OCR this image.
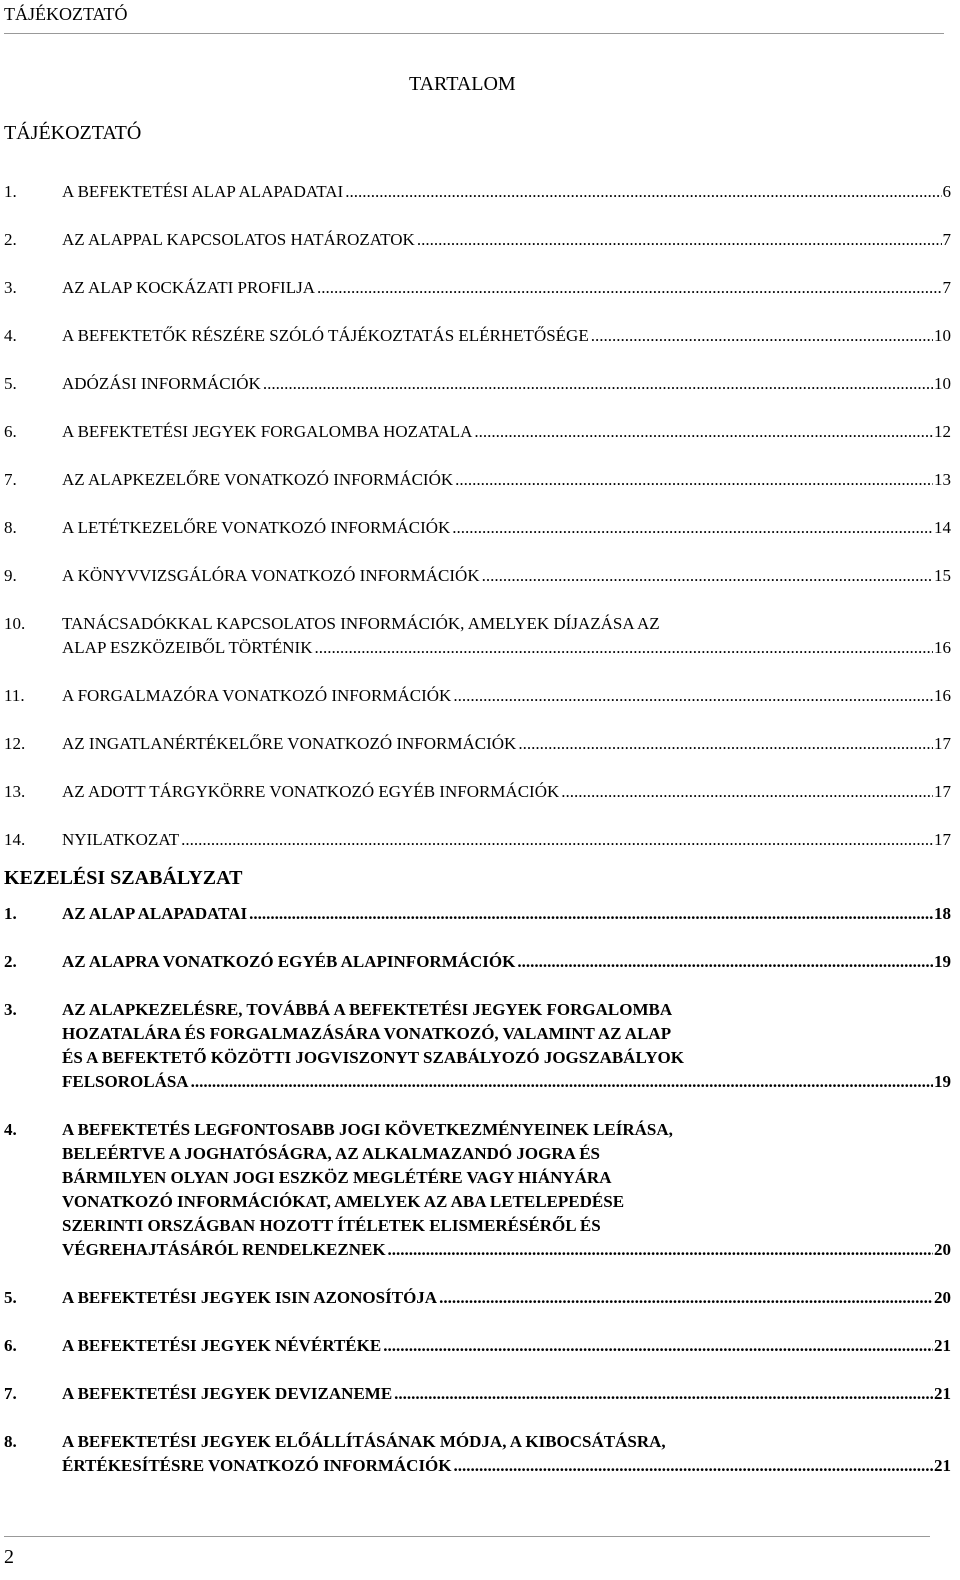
TÁJÉKOZTATÓ
TARTALOM
TÁJÉKOZTATÓ
KEZELÉSI SZABÁLYZAT
1.	A BEFEKTETÉSI ALAP ALAPADATAI .....	6
2.	AZ ALAPPAL KAPCSOLATOS HATÁROZATOK .....	7
3.	AZ ALAP KOCKÁZATI PROFILJA .....	7
4.	A BEFEKTETŐK RÉSZÉRE SZÓLÓ TÁJÉKOZTATÁS ELÉRHETŐSÉGE .....	10
5.	ADÓZÁSI INFORMÁCIÓK .....	10
6.	A BEFEKTETÉSI JEGYEK FORGALOMBA HOZATALA .....	12
7.	AZ ALAPKEZELŐRE VONATKOZÓ INFORMÁCIÓK .....	13
8.	A LETÉTKEZELŐRE VONATKOZÓ INFORMÁCIÓK .....	14
9.	A KÖNYVVIZSGÁLÓRA VONATKOZÓ INFORMÁCIÓK .....	15
10. TANÁCSADÓKKAL KAPCSOLATOS INFORMÁCIÓK, AMELYEK DÍJAZÁSA AZ
ALAP ESZKÖZEIBŐL TÖRTÉNIK .....	16
11. A FORGALMAZÓRA VONATKOZÓ INFORMÁCIÓK .....	16
12. AZ INGATLANÉRTÉKELŐRE VONATKOZÓ INFORMÁCIÓK .....	17
13. AZ ADOTT TÁRGYKÖRRE VONATKOZÓ EGYÉB INFORMÁCIÓK .....	17
14. NYILATKOZAT .....	17
1.	AZ ALAP ALAPADATAI .....	18
2.	AZ ALAPRA VONATKOZÓ EGYÉB ALAPINFORMÁCIÓK .....	19
3.	AZ ALAPKEZELÉSRE, TOVÁBBÁ A BEFEKTETÉSI JEGYEK FORGALOMBA
HOZATALÁRA ÉS FORGALMAZÁSÁRA VONATKOZÓ, VALAMINT AZ ALAP
ÉS A BEFEKTETŐ KÖZÖTTI JOGVISZONYT SZABÁLYOZÓ JOGSZABÁLYOK
FELSOROLÁSA .....	19
4.	A BEFEKTETÉS LEGFONTOSABB JOGI KÖVETKEZMÉNYEINEK LEÍRÁSA,
BELEÉRTVE A JOGHATÓSÁGRA, AZ ALKALMAZANDÓ JOGRA ÉS
BÁRMILYEN OLYAN JOGI ESZKÖZ MEGLÉTÉRE VAGY HIÁNYÁRA
VONATKOZÓ INFORMÁCIÓKAT, AMELYEK AZ ABA LETELEPEDÉSE
SZERINTI ORSZÁGBAN HOZOTT ÍTÉLETEK ELISMERÉSÉRŐL ÉS
VÉGREHAJTÁSÁRÓL RENDELKEZNEK .....	20
5.	A BEFEKTETÉSI JEGYEK ISIN AZONOSÍTÓJA .....	20
6.	A BEFEKTETÉSI JEGYEK NÉVÉRTÉKE .....	21
7.	A BEFEKTETÉSI JEGYEK DEVIZANEME .....	21
8.	A BEFEKTETÉSI JEGYEK ELŐÁLLÍTÁSÁNAK MÓDJA, A KIBOCSÁTÁSRA,
ÉRTÉKESÍTÉSRE VONATKOZÓ INFORMÁCIÓK .....	21
2
